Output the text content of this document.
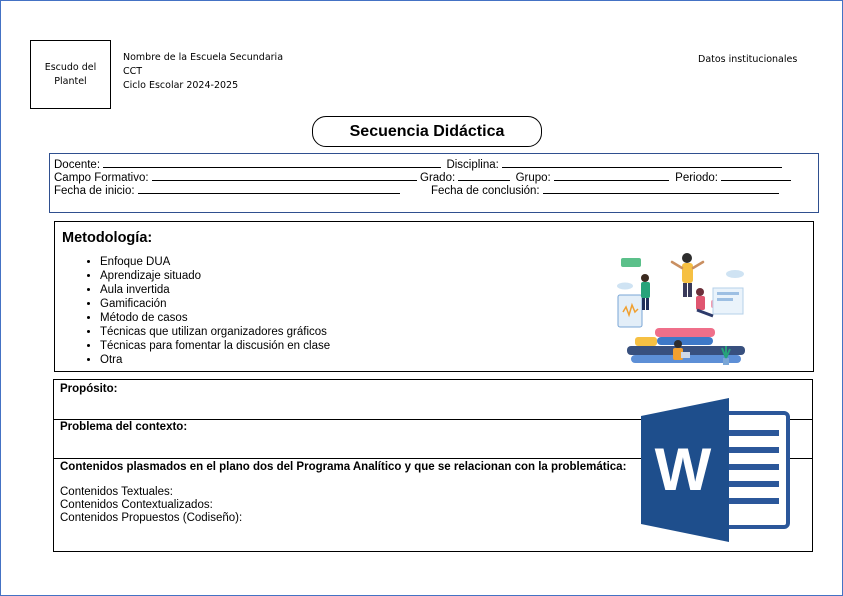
Escudo del
Plantel
Nombre de la Escuela Secundaria
CCT
Ciclo Escolar 2024-2025
Datos institucionales
Secuencia Didáctica
Docente:	Disciplina:
Campo Formativo:	Grado:	Grupo:	Periodo:
Fecha de inicio:	Fecha de conclusión:
Metodología:
• Enfoque DUA
• Aprendizaje situado
• Aula invertida
• Gamificación
• Método de casos
• Técnicas que utilizan organizadores gráficos
• Técnicas para fomentar la discusión en clase
• Otra
Propósito:
Problema del contexto:
Contenidos plasmados en el plano dos del Programa Analítico y que se relacionan con la problemática:
Contenidos Textuales:
Contenidos Contextualizados:
Contenidos Propuestos (Codiseño):
W
